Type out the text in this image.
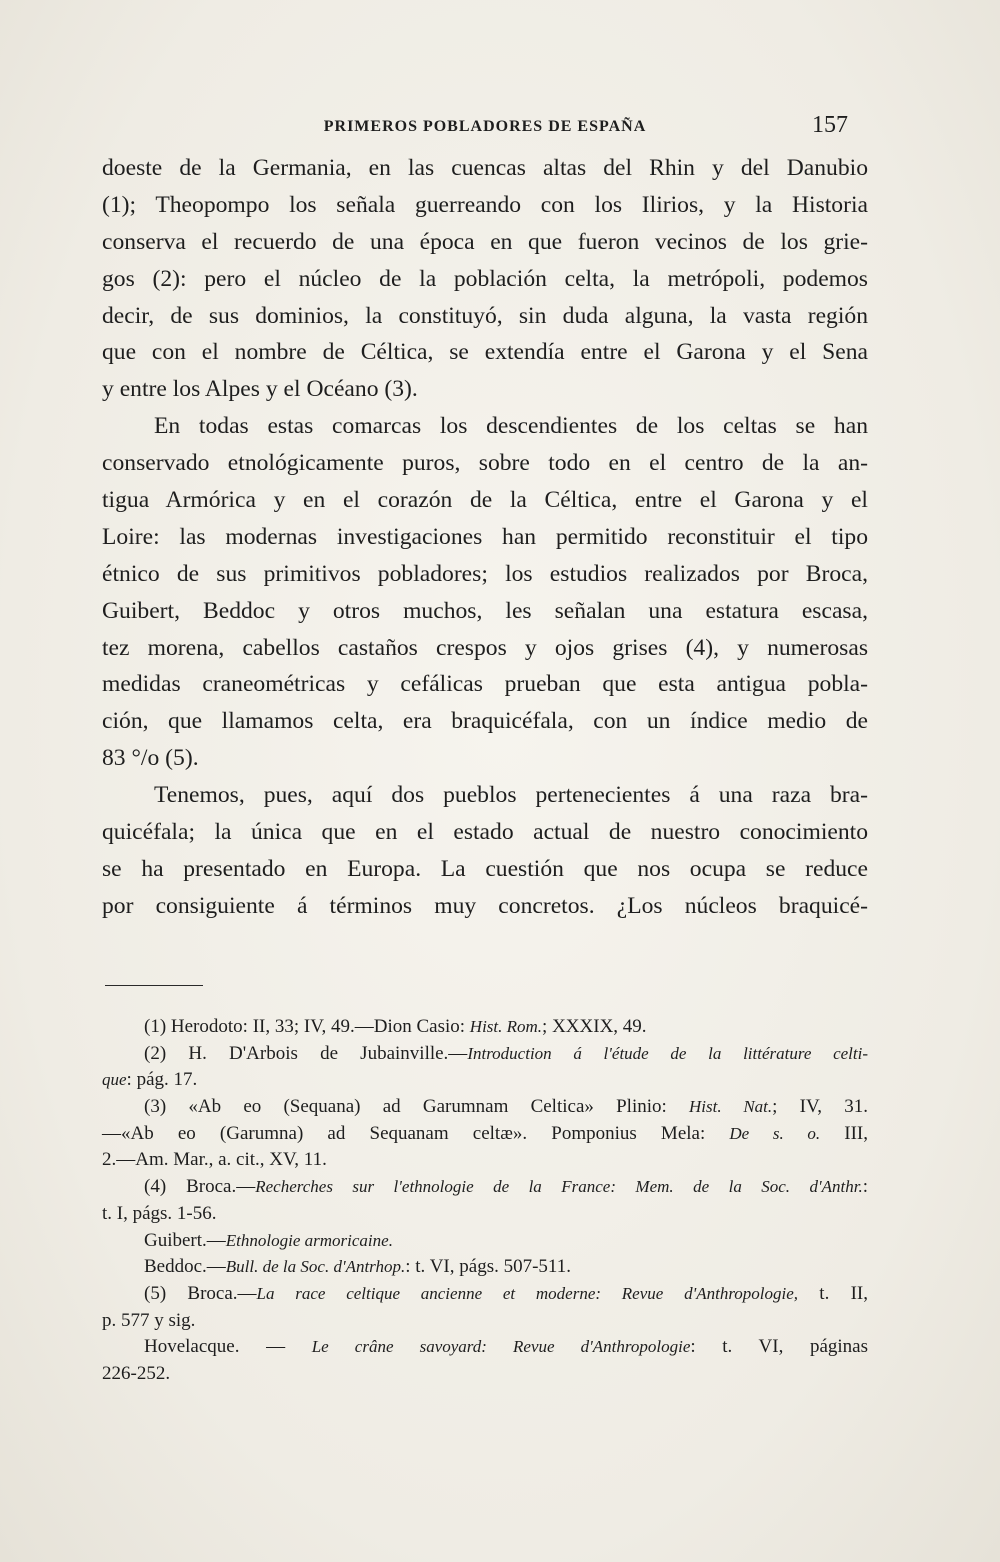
PRIMEROS POBLADORES DE ESPAÑA	157
doeste de la Germania, en las cuencas altas del Rhin y del Danubio
(1); Theopompo los señala guerreando con los Ilirios, y la Historia
conserva el recuerdo de una época en que fueron vecinos de los grie-
gos (2): pero el núcleo de la población celta, la metrópoli, podemos
decir, de sus dominios, la constituyó, sin duda alguna, la vasta región
que con el nombre de Céltica, se extendía entre el Garona y el Sena
y entre los Alpes y el Océano (3).
En todas estas comarcas los descendientes de los celtas se han
conservado etnológicamente puros, sobre todo en el centro de la an-
tigua Armórica y en el corazón de la Céltica, entre el Garona y el
Loire: las modernas investigaciones han permitido reconstituir el tipo
étnico de sus primitivos pobladores; los estudios realizados por Broca,
Guibert, Beddoc y otros muchos, les señalan una estatura escasa,
tez morena, cabellos castaños crespos y ojos grises (4), y numerosas
medidas craneométricas y cefálicas prueban que esta antigua pobla-
ción, que llamamos celta, era braquicéfala, con un índice medio de
83 °/o (5).
Tenemos, pues, aquí dos pueblos pertenecientes á una raza bra-
quicéfala; la única que en el estado actual de nuestro conocimiento
se ha presentado en Europa. La cuestión que nos ocupa se reduce
por consiguiente á términos muy concretos. ¿Los núcleos braquicé-
(1) Herodoto: II, 33; IV, 49.—Dion Casio: Hist. Rom.; XXXIX, 49.
(2) H. D'Arbois de Jubainville.—Introduction á l'étude de la littérature celti-
que: pág. 17.
(3) «Ab eo (Sequana) ad Garumnam Celtica» Plinio: Hist. Nat.; IV, 31.
—«Ab eo (Garumna) ad Sequanam celtæ». Pomponius Mela: De s. o. III,
2.—Am. Mar., a. cit., XV, 11.
(4) Broca.—Recherches sur l'ethnologie de la France: Mem. de la Soc. d'Anthr.:
t. I, págs. 1-56.
Guibert.—Ethnologie armoricaine.
Beddoc.—Bull. de la Soc. d'Antrhop.: t. VI, págs. 507-511.
(5) Broca.—La race celtique ancienne et moderne: Revue d'Anthropologie, t. II,
p. 577 y sig.
Hovelacque. — Le crâne savoyard: Revue d'Anthropologie: t. VI, páginas
226-252.
